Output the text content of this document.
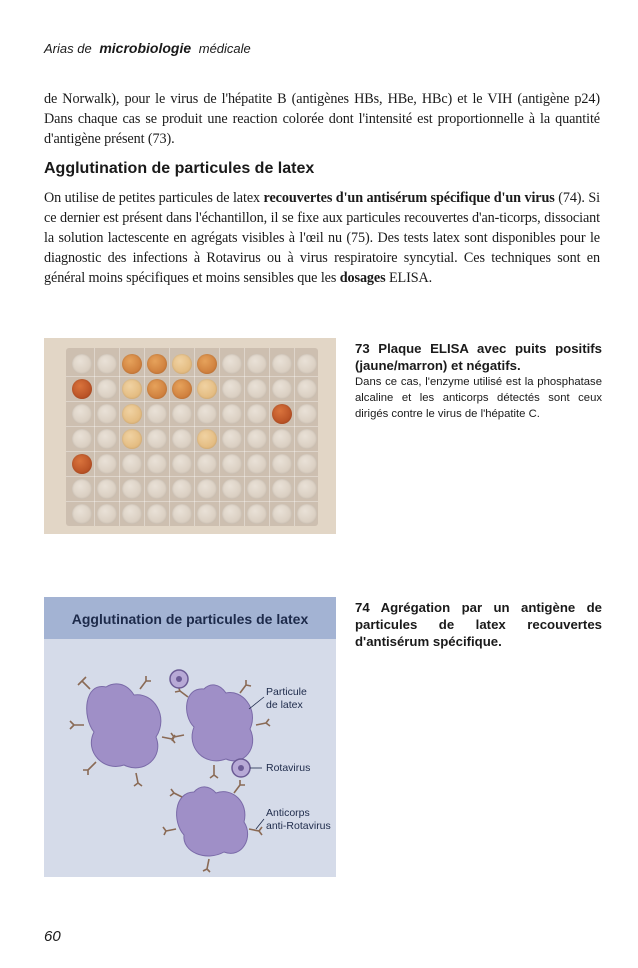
Arias de microbiologie médicale
de Norwalk), pour le virus de l'hépatite B (antigènes HBs, HBe, HBc) et le VIH (antigène p24) Dans chaque cas se produit une reaction colorée dont l'intensité est proportionnelle à la quantité d'antigène présent (73).
Agglutination de particules de latex
On utilise de petites particules de latex recouvertes d'un antisérum spécifique d'un virus (74). Si ce dernier est présent dans l'échantillon, il se fixe aux particules recouvertes d'an-ticorps, dissociant la solution lactescente en agrégats visibles à l'œil nu (75). Des tests latex sont disponibles pour le diagnostic des infections à Rotavirus ou à virus respiratoire syncytial. Ces techniques sont en général moins spécifiques et moins sensibles que les dosages ELISA.
73 Plaque ELISA avec puits positifs (jaune/marron) et négatifs.
Dans ce cas, l'enzyme utilisé est la phosphatase alcaline et les anticorps détectés sont ceux dirigés contre le virus de l'hépatite C.
Agglutination de particules de latex
Particule
de latex
Rotavirus
Anticorps
anti-Rotavirus
74 Agrégation par un antigène de particules de latex recouvertes d'antisérum spécifique.
60
